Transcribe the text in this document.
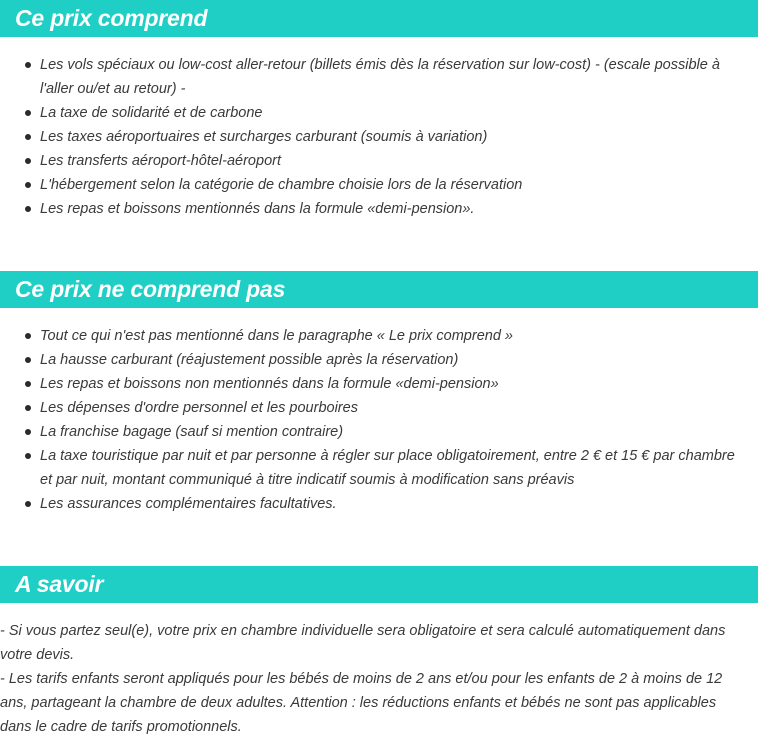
Ce prix comprend
Les vols spéciaux ou low-cost aller-retour (billets émis dès la réservation sur low-cost) - (escale possible à l'aller ou/et au retour) -
La taxe de solidarité et de carbone
Les taxes aéroportuaires et surcharges carburant (soumis à variation)
Les transferts aéroport-hôtel-aéroport
L'hébergement selon la catégorie de chambre choisie lors de la réservation
Les repas et boissons mentionnés dans la formule «demi-pension».
Ce prix ne comprend pas
Tout ce qui n'est pas mentionné dans le paragraphe « Le prix comprend »
La hausse carburant (réajustement possible après la réservation)
Les repas et boissons non mentionnés dans la formule «demi-pension»
Les dépenses d'ordre personnel et les pourboires
La franchise bagage (sauf si mention contraire)
La taxe touristique par nuit et par personne à régler sur place obligatoirement, entre 2 € et 15 € par chambre et par nuit, montant communiqué à titre indicatif soumis à modification sans préavis
Les assurances complémentaires facultatives.
A savoir

- Si vous partez seul(e), votre prix en chambre individuelle sera obligatoire et sera calculé automatiquement dans votre devis.

- Les tarifs enfants seront appliqués pour les bébés de moins de 2 ans et/ou pour les enfants de 2 à moins de 12 ans, partageant la chambre de deux adultes. Attention : les réductions enfants et bébés ne sont pas applicables dans le cadre de tarifs promotionnels.
